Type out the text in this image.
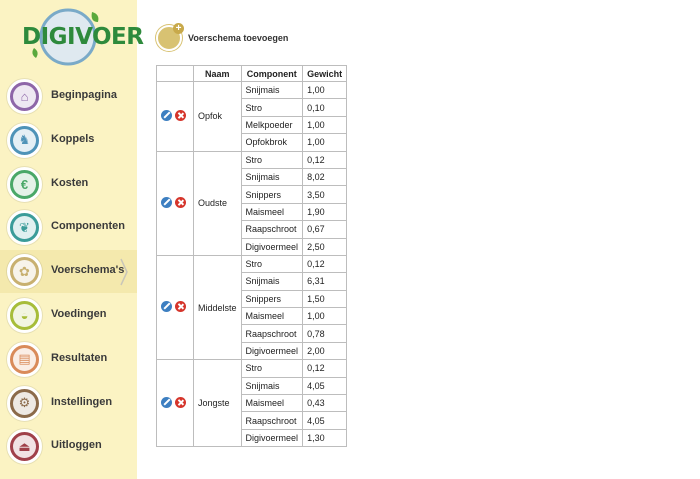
DIGIVOER
⌂	Beginpagina
♞	Koppels
€	Kosten
❦	Componenten
✿	Voerschema's
◒	Voedingen
▤	Resultaten
⚙	Instellingen
⏏	Uitloggen
+
Voerschema toevoegen
	Naam	Component	Gewicht
	Opfok	Snijmais	1,00
		Stro	0,10
		Melkpoeder	1,00
		Opfokbrok	1,00
	Oudste	Stro	0,12
		Snijmais	8,02
		Snippers	3,50
		Maismeel	1,90
		Raapschroot	0,67
		Digivoermeel	2,50
	Middelste	Stro	0,12
		Snijmais	6,31
		Snippers	1,50
		Maismeel	1,00
		Raapschroot	0,78
		Digivoermeel	2,00
	Jongste	Stro	0,12
		Snijmais	4,05
		Maismeel	0,43
		Raapschroot	4,05
		Digivoermeel	1,30
